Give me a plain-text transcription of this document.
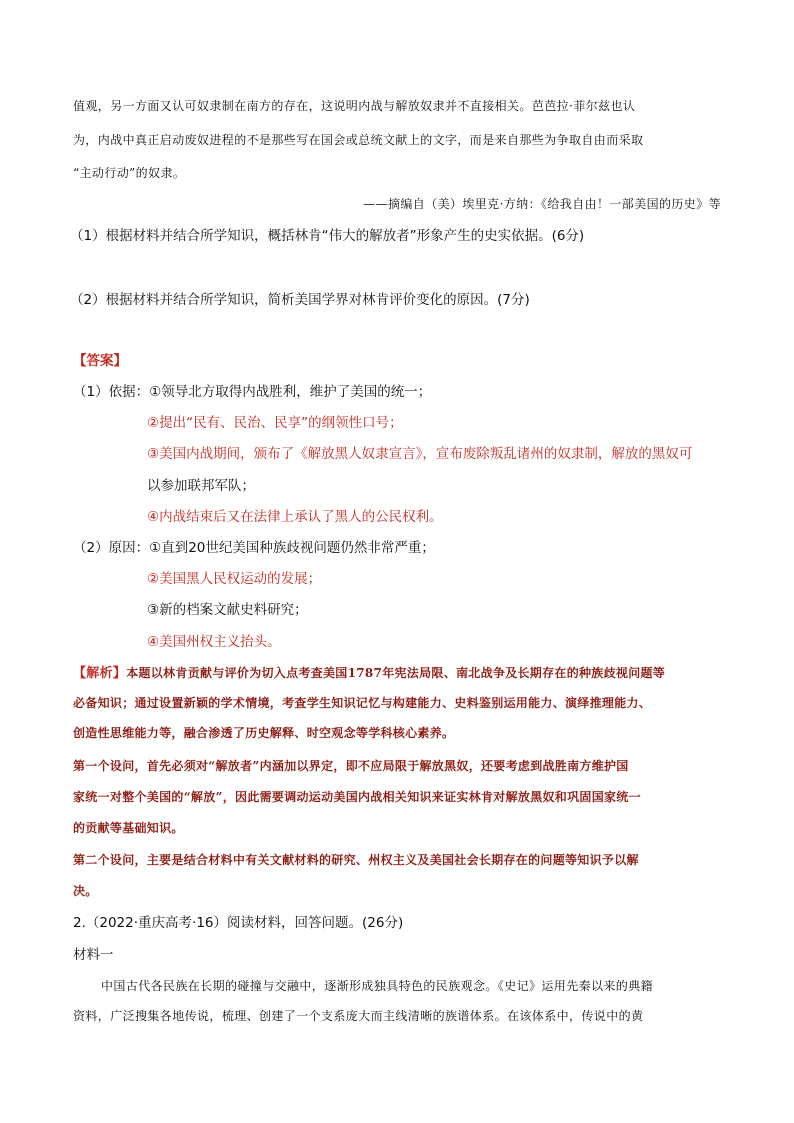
值观，另一方面又认可奴隶制在南方的存在，这说明内战与解放奴隶并不直接相关。芭芭拉·菲尔兹也认
为，内战中真正启动废奴进程的不是那些写在国会或总统文献上的文字，而是来自那些为争取自由而采取
“主动行动”的奴隶。
——摘编自（美）埃里克·方纳：《给我自由！一部美国的历史》等
（1）根据材料并结合所学知识，概括林肯“伟大的解放者”形象产生的史实依据。(6分)
（2）根据材料并结合所学知识，简析美国学界对林肯评价变化的原因。(7分)
【答案】
（1）依据：①领导北方取得内战胜利，维护了美国的统一；
②提出“民有、民治、民享”的纲领性口号；
③美国内战期间，颁布了《解放黑人奴隶宣言》，宣布废除叛乱诸州的奴隶制，解放的黑奴可
以参加联邦军队；
④内战结束后又在法律上承认了黑人的公民权利。
（2）原因：①直到20世纪美国种族歧视问题仍然非常严重；
②美国黑人民权运动的发展；
③新的档案文献史料研究；
④美国州权主义抬头。
【解析】本题以林肯贡献与评价为切入点考查美国1787年宪法局限、南北战争及长期存在的种族歧视问题等
必备知识；通过设置新颖的学术情境，考查学生知识记忆与构建能力、史料鉴别运用能力、演绎推理能力、
创造性思维能力等，融合渗透了历史解释、时空观念等学科核心素养。
第一个设问，首先必须对“解放者”内涵加以界定，即不应局限于解放黑奴，还要考虑到战胜南方维护国
家统一对整个美国的“解放”，因此需要调动运动美国内战相关知识来证实林肯对解放黑奴和巩固国家统一
的贡献等基础知识。
第二个设问，主要是结合材料中有关文献材料的研究、州权主义及美国社会长期存在的问题等知识予以解
决。
2.（2022·重庆高考·16）阅读材料，回答问题。(26分)
材料一
中国古代各民族在长期的碰撞与交融中，逐渐形成独具特色的民族观念。《史记》运用先秦以来的典籍
资料，广泛搜集各地传说，梳理、创建了一个支系庞大而主线清晰的族谱体系。在该体系中，传说中的黄
